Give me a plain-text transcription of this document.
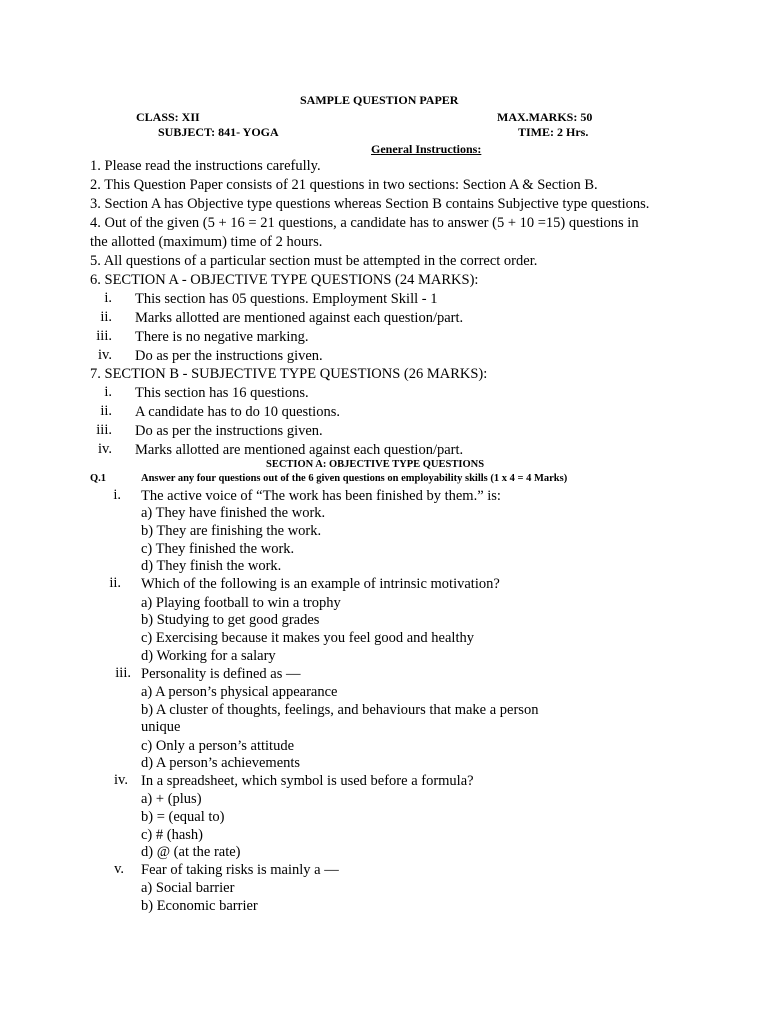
SAMPLE QUESTION PAPER
CLASS: XII	MAX.MARKS: 50
SUBJECT: 841- YOGA	TIME: 2 Hrs.
General Instructions:
1. Please read the instructions carefully.
2. This Question Paper consists of 21 questions in two sections: Section A & Section B.
3. Section A has Objective type questions whereas Section B contains Subjective type questions.
4. Out of the given (5 + 16 = 21 questions, a candidate has to answer (5 + 10 =15) questions in
the allotted (maximum) time of 2 hours.
5. All questions of a particular section must be attempted in the correct order.
6. SECTION A - OBJECTIVE TYPE QUESTIONS (24 MARKS):
i. This section has 05 questions. Employment Skill - 1
ii. Marks allotted are mentioned against each question/part.
iii. There is no negative marking.
iv. Do as per the instructions given.
7. SECTION B - SUBJECTIVE TYPE QUESTIONS (26 MARKS):
i. This section has 16 questions.
ii. A candidate has to do 10 questions.
iii. Do as per the instructions given.
iv. Marks allotted are mentioned against each question/part.
SECTION A: OBJECTIVE TYPE QUESTIONS
Q.1	Answer any four questions out of the 6 given questions on employability skills (1 x 4 = 4 Marks)
i. The active voice of “The work has been finished by them.” is:
a) They have finished the work.
b) They are finishing the work.
c) They finished the work.
d) They finish the work.
ii. Which of the following is an example of intrinsic motivation?
a) Playing football to win a trophy
b) Studying to get good grades
c) Exercising because it makes you feel good and healthy
d) Working for a salary
iii. Personality is defined as —
a) A person’s physical appearance
b) A cluster of thoughts, feelings, and behaviours that make a person
unique
c) Only a person’s attitude
d) A person’s achievements
iv. In a spreadsheet, which symbol is used before a formula?
a) + (plus)
b) = (equal to)
c) # (hash)
d) @ (at the rate)
v. Fear of taking risks is mainly a —
a) Social barrier
b) Economic barrier
